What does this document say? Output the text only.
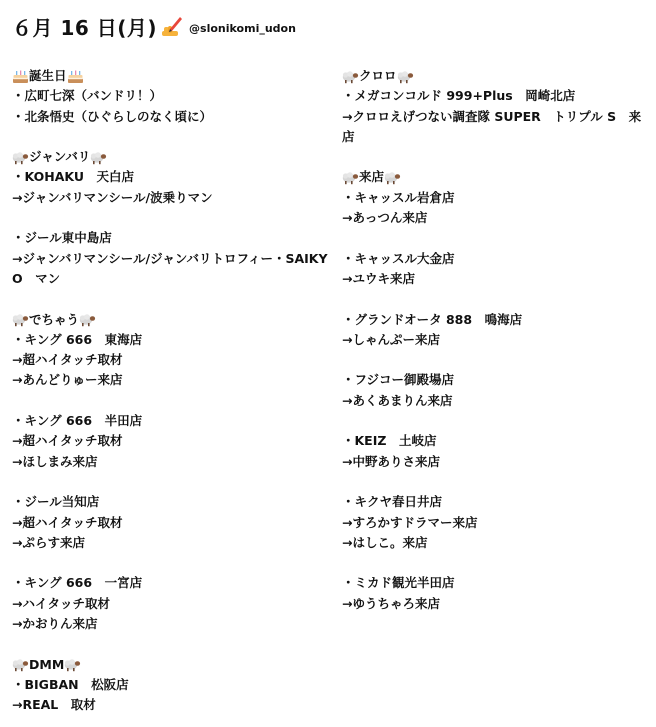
６月 16 日(月)	@slonikomi_udon
誕生日
・広町七深（バンドリ！）
・北条悟史（ひぐらしのなく頃に）
ジャンバリ
・KOHAKU　天白店
→ジャンバリマンシール/波乗りマン
・ジール東中島店
→ジャンバリマンシール/ジャンバリトロフィー・SAIKYO　マン
でちゃう
・キング 666　東海店
→超ハイタッチ取材
→あんどりゅー来店
・キング 666　半田店
→超ハイタッチ取材
→ほしまみ来店
・ジール当知店
→超ハイタッチ取材
→ぷらす来店
・キング 666　一宮店
→ハイタッチ取材
→かおりん来店
DMM
・BIGBAN　松阪店
→REAL　取材
クロロ
・メガコンコルド 999+Plus　岡崎北店
→クロロえげつない調査隊 SUPER　トリプル S　来店
来店
・キャッスル岩倉店
→あっつん来店
・キャッスル大金店
→ユウキ来店
・グランドオータ 888　鳴海店
→しゃんぷー来店
・フジコー御殿場店
→あくあまりん来店
・KEIZ　土岐店
→中野ありさ来店
・キクヤ春日井店
→すろかすドラマー来店
→はしこ。来店
・ミカド観光半田店
→ゆうちゃろ来店
